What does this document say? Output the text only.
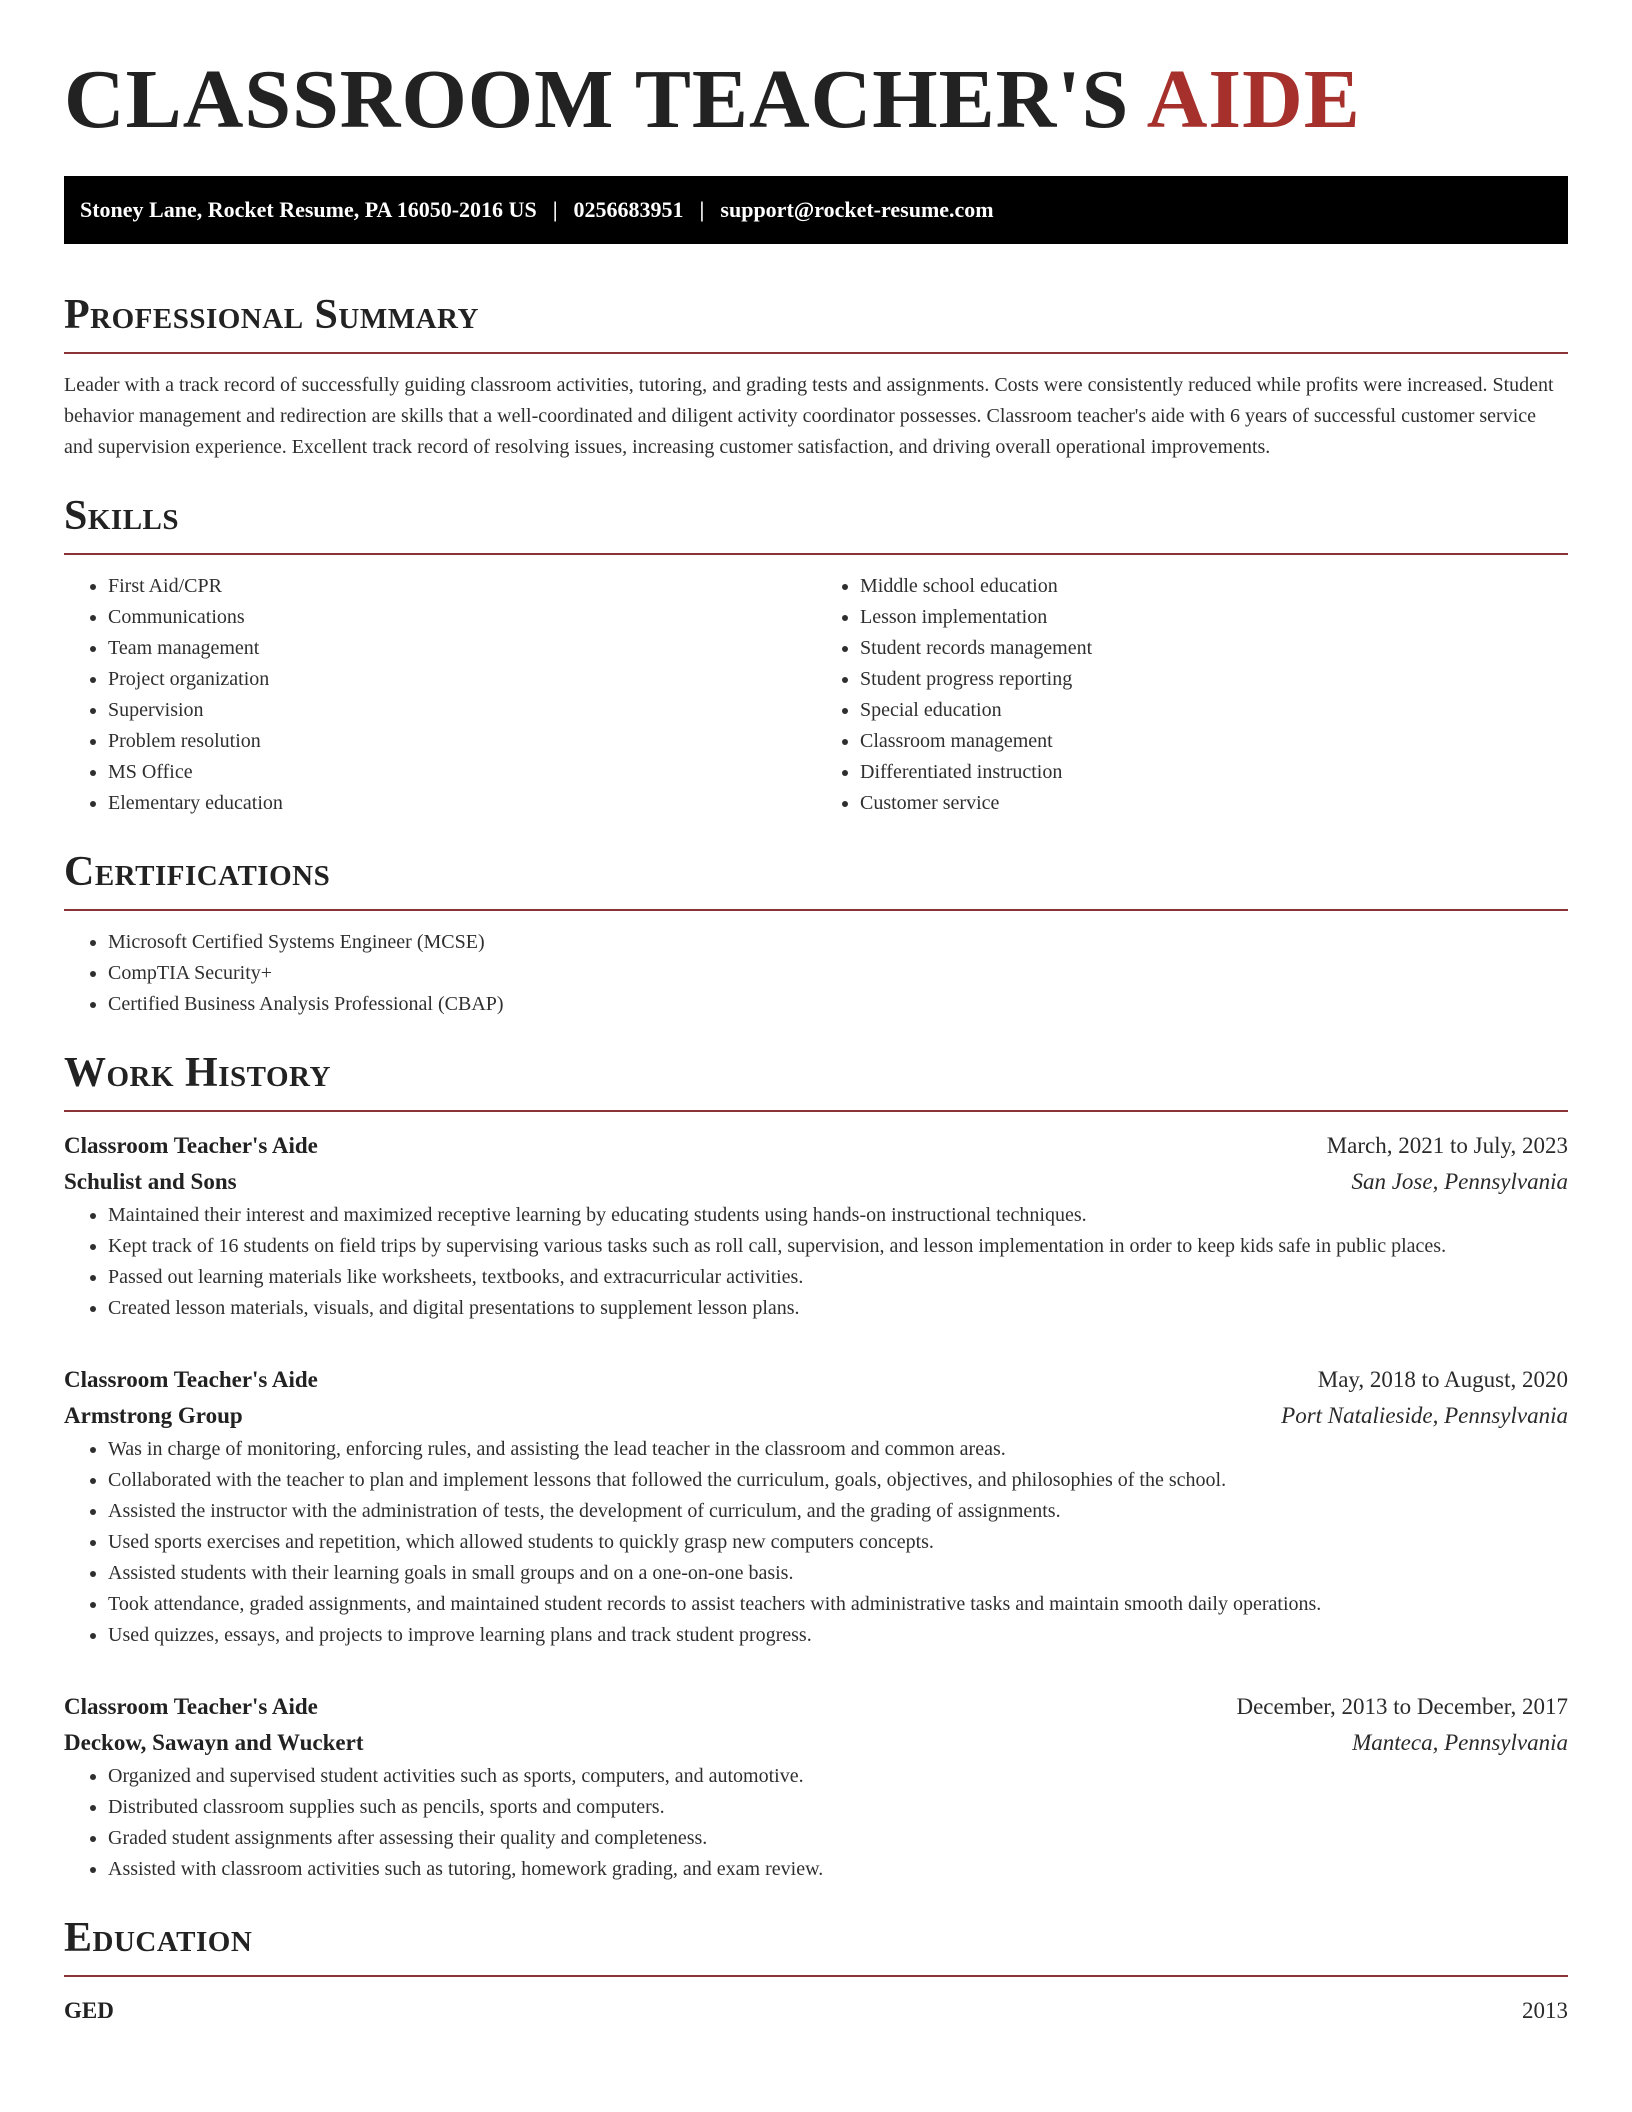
CLASSROOM TEACHER'S AIDE
Stoney Lane, Rocket Resume, PA 16050-2016 US | 0256683951 | support@rocket-resume.com
Professional Summary

Leader with a track record of successfully guiding classroom activities, tutoring, and grading tests and assignments. Costs were consistently reduced while profits were increased. Student behavior management and redirection are skills that a well-coordinated and diligent activity coordinator possesses. Classroom teacher's aide with 6 years of successful customer service and supervision experience. Excellent track record of resolving issues, increasing customer satisfaction, and driving overall operational improvements.

Skills
• First Aid/CPR
• Communications
• Team management
• Project organization
• Supervision
• Problem resolution
• MS Office
• Elementary education
• Middle school education
• Lesson implementation
• Student records management
• Student progress reporting
• Special education
• Classroom management
• Differentiated instruction
• Customer service
Certifications
• Microsoft Certified Systems Engineer (MCSE)
• CompTIA Security+
• Certified Business Analysis Professional (CBAP)
Work History
Classroom Teacher's Aide	March, 2021 to July, 2023
Schulist and Sons	San Jose, Pennsylvania
• Maintained their interest and maximized receptive learning by educating students using hands-on instructional techniques.
• Kept track of 16 students on field trips by supervising various tasks such as roll call, supervision, and lesson implementation in order to keep kids safe in public places.
• Passed out learning materials like worksheets, textbooks, and extracurricular activities.
• Created lesson materials, visuals, and digital presentations to supplement lesson plans.
Classroom Teacher's Aide	May, 2018 to August, 2020
Armstrong Group	Port Natalieside, Pennsylvania
• Was in charge of monitoring, enforcing rules, and assisting the lead teacher in the classroom and common areas.
• Collaborated with the teacher to plan and implement lessons that followed the curriculum, goals, objectives, and philosophies of the school.
• Assisted the instructor with the administration of tests, the development of curriculum, and the grading of assignments.
• Used sports exercises and repetition, which allowed students to quickly grasp new computers concepts.
• Assisted students with their learning goals in small groups and on a one-on-one basis.
• Took attendance, graded assignments, and maintained student records to assist teachers with administrative tasks and maintain smooth daily operations.
• Used quizzes, essays, and projects to improve learning plans and track student progress.
Classroom Teacher's Aide	December, 2013 to December, 2017
Deckow, Sawayn and Wuckert	Manteca, Pennsylvania
• Organized and supervised student activities such as sports, computers, and automotive.
• Distributed classroom supplies such as pencils, sports and computers.
• Graded student assignments after assessing their quality and completeness.
• Assisted with classroom activities such as tutoring, homework grading, and exam review.
Education
GED	2013
